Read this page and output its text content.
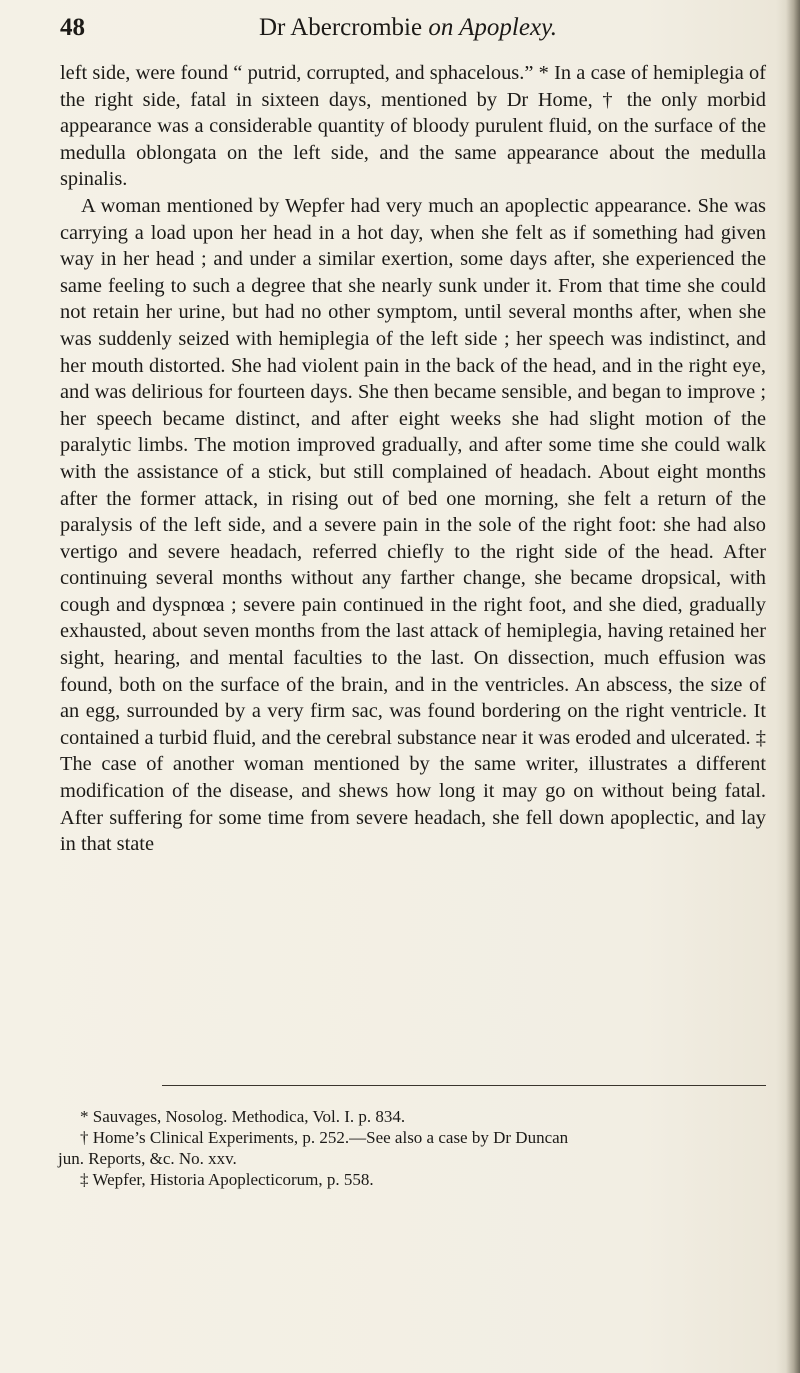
48	Dr Abercrombie on Apoplexy.

left side, were found “ putrid, corrupted, and sphacelous.” * In a case of hemiplegia of the right side, fatal in sixteen days, mentioned by Dr Home, † the only morbid appearance was a considerable quantity of bloody purulent fluid, on the surface of the medulla oblongata on the left side, and the same appearance about the medulla spinalis.

A woman mentioned by Wepfer had very much an apoplectic appearance. She was carrying a load upon her head in a hot day, when she felt as if something had given way in her head ; and under a similar exertion, some days after, she experienced the same feeling to such a degree that she nearly sunk under it. From that time she could not retain her urine, but had no other symptom, until several months after, when she was suddenly seized with hemiplegia of the left side ; her speech was indistinct, and her mouth distorted. She had violent pain in the back of the head, and in the right eye, and was delirious for fourteen days. She then became sensible, and began to improve ; her speech became distinct, and after eight weeks she had slight motion of the paralytic limbs. The motion improved gradually, and after some time she could walk with the assistance of a stick, but still complained of headach. About eight months after the former attack, in rising out of bed one morning, she felt a return of the paralysis of the left side, and a severe pain in the sole of the right foot: she had also vertigo and severe headach, referred chiefly to the right side of the head. After continuing several months without any farther change, she became dropsical, with cough and dyspnœa ; severe pain continued in the right foot, and she died, gradually exhausted, about seven months from the last attack of hemiplegia, having retained her sight, hearing, and mental faculties to the last. On dissection, much effusion was found, both on the surface of the brain, and in the ventricles. An abscess, the size of an egg, surrounded by a very firm sac, was found bordering on the right ventricle. It contained a turbid fluid, and the cerebral substance near it was eroded and ulcerated. ‡ The case of another woman mentioned by the same writer, illustrates a different modification of the disease, and shews how long it may go on without being fatal. After suffering for some time from severe headach, she fell down apoplectic, and lay in that state

* Sauvages, Nosolog. Methodica, Vol. I. p. 834.

† Home’s Clinical Experiments, p. 252.—See also a case by Dr Duncan

jun. Reports, &c. No. xxv.

‡ Wepfer, Historia Apoplecticorum, p. 558.
